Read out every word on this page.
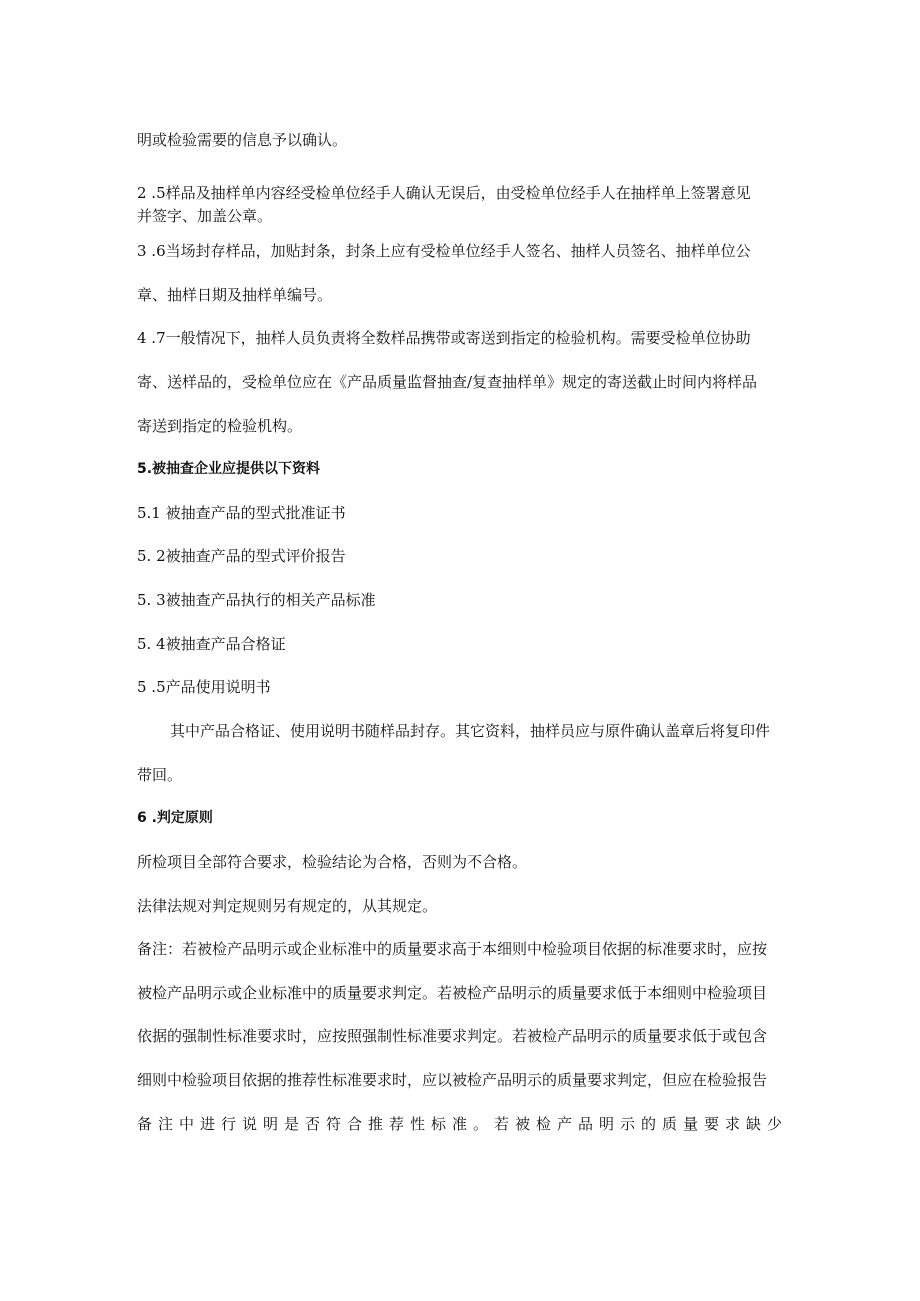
明或检验需要的信息予以确认。
2 .5样品及抽样单内容经受检单位经手人确认无误后，由受检单位经手人在抽样单上签署意见
并签字、加盖公章。
3 .6当场封存样品，加贴封条，封条上应有受检单位经手人签名、抽样人员签名、抽样单位公
章、抽样日期及抽样单编号。
4 .7一般情况下，抽样人员负责将全数样品携带或寄送到指定的检验机构。需要受检单位协助
寄、送样品的，受检单位应在《产品质量监督抽查/复查抽样单》规定的寄送截止时间内将样品
寄送到指定的检验机构。
5.被抽查企业应提供以下资料
5.1 被抽查产品的型式批准证书
5. 2被抽查产品的型式评价报告
5. 3被抽查产品执行的相关产品标准
5. 4被抽查产品合格证
5 .5产品使用说明书
其中产品合格证、使用说明书随样品封存。其它资料，抽样员应与原件确认盖章后将复印件
带回。
6 .判定原则
所检项目全部符合要求，检验结论为合格，否则为不合格。
法律法规对判定规则另有规定的，从其规定。
备注：若被检产品明示或企业标准中的质量要求高于本细则中检验项目依据的标准要求时，应按
被检产品明示或企业标准中的质量要求判定。若被检产品明示的质量要求低于本细则中检验项目
依据的强制性标准要求时，应按照强制性标准要求判定。若被检产品明示的质量要求低于或包含
细则中检验项目依据的推荐性标准要求时，应以被检产品明示的质量要求判定，但应在检验报告
备注中进行说明是否符合推荐性标准。若被检产品明示的质量要求缺少
